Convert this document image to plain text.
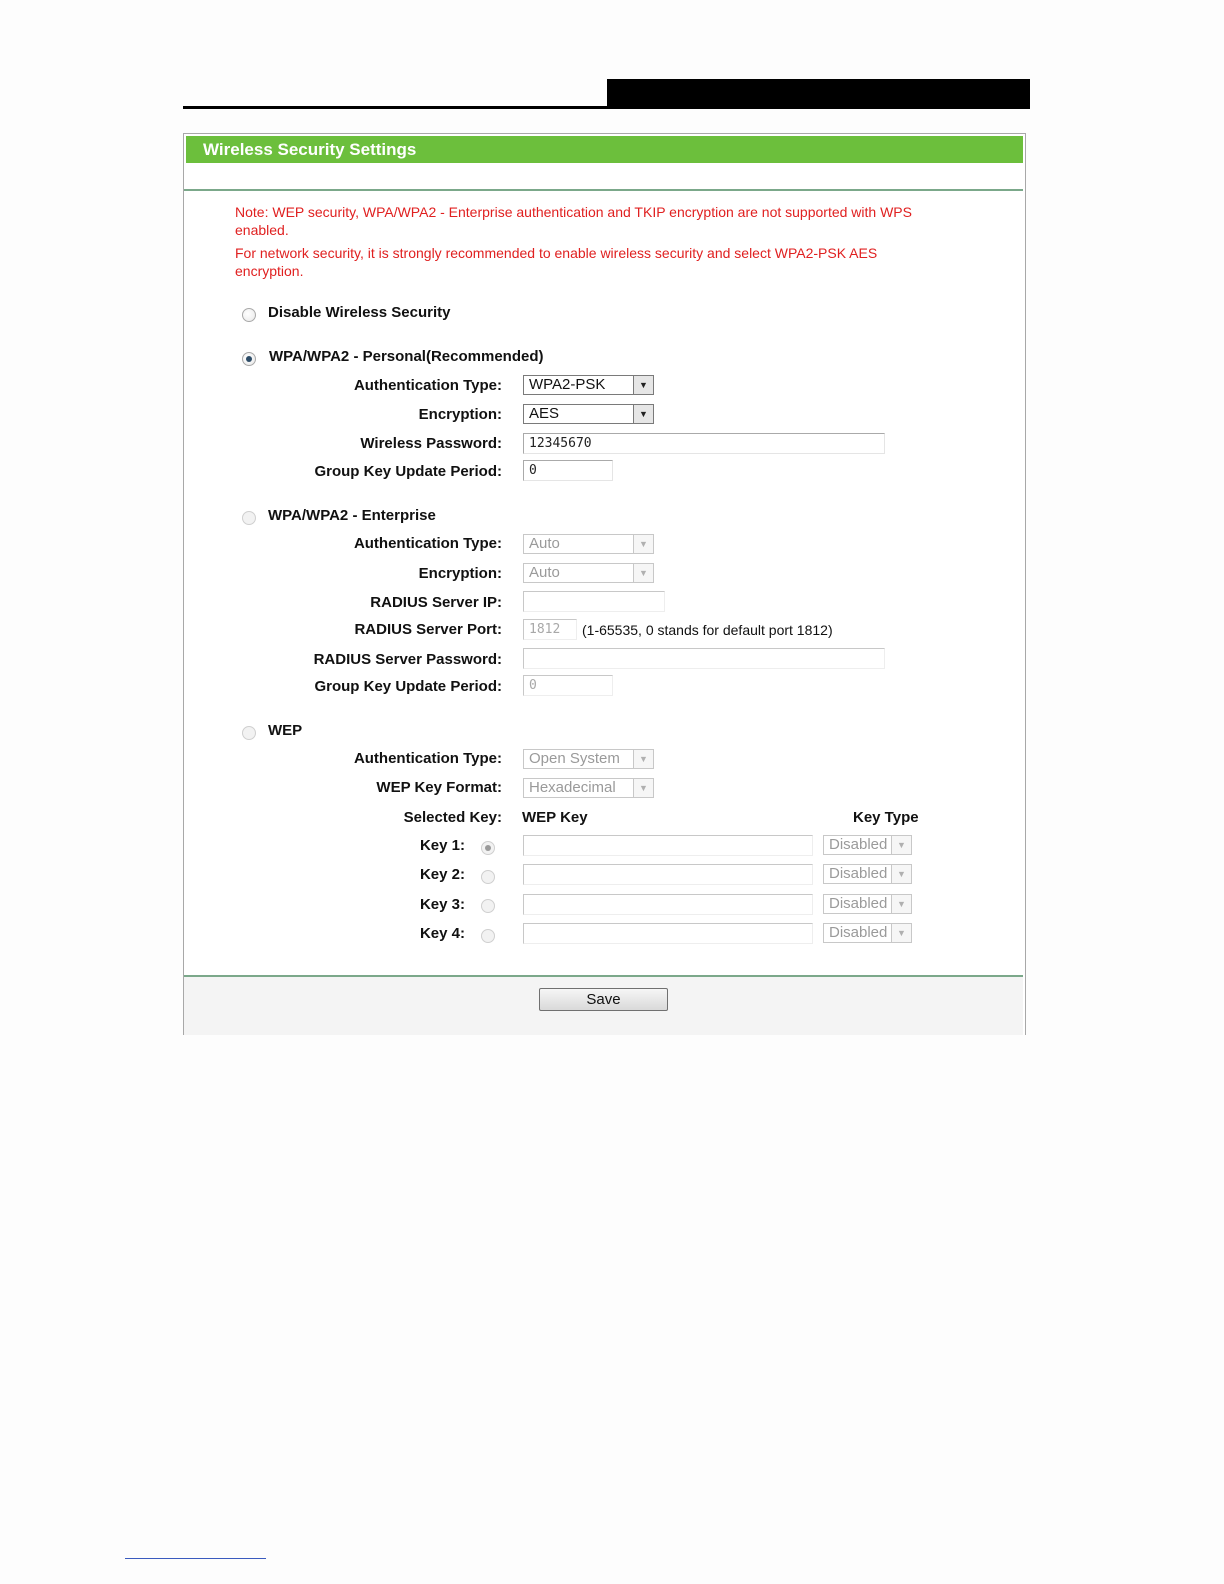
Wireless Security Settings
Note: WEP security, WPA/WPA2 - Enterprise authentication and TKIP encryption are not supported with WPS enabled.
For network security, it is strongly recommended to enable wireless security and select WPA2-PSK AES encryption.
Disable Wireless Security
WPA/WPA2 - Personal(Recommended)
Authentication Type:	WPA2-PSK	▼
Encryption:	AES	▼
Wireless Password:	12345670
Group Key Update Period:	0
WPA/WPA2 - Enterprise
Authentication Type:	Auto	▼
Encryption:	Auto	▼
RADIUS Server IP:
RADIUS Server Port:	1812	(1-65535, 0 stands for default port 1812)
RADIUS Server Password:
Group Key Update Period:	0
WEP
Authentication Type:	Open System	▼
WEP Key Format:	Hexadecimal	▼
Selected Key: WEP Key	Key Type
Key 1:	Disabled	▼
Key 2:	Disabled	▼
Key 3:	Disabled	▼
Key 4:	Disabled	▼
Save
